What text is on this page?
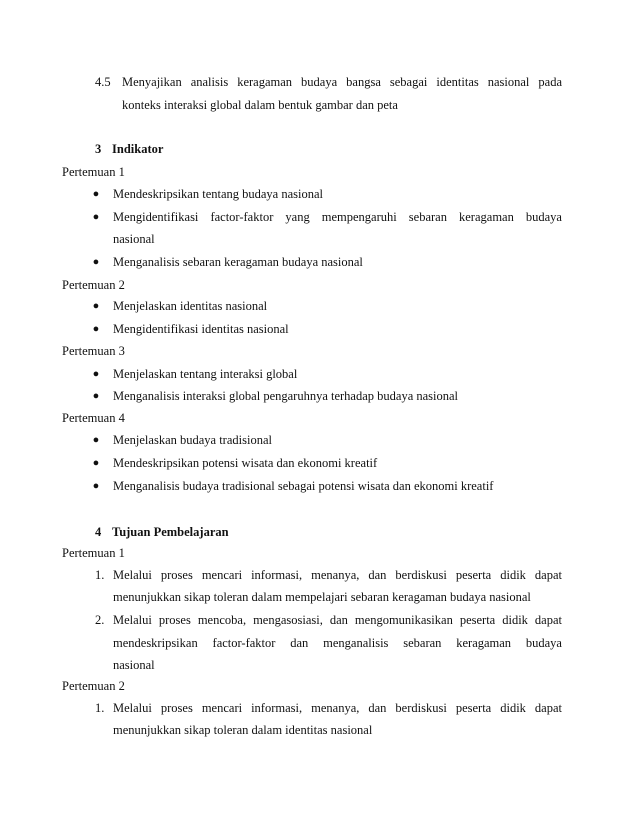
4.5 Menyajikan analisis keragaman budaya bangsa sebagai identitas nasional pada
konteks interaksi global dalam bentuk gambar dan peta
3 Indikator
Pertemuan 1
● Mendeskripsikan tentang budaya nasional
● Mengidentifikasi factor-faktor yang mempengaruhi sebaran keragaman budaya
nasional
● Menganalisis sebaran keragaman budaya nasional
Pertemuan 2
● Menjelaskan identitas nasional
● Mengidentifikasi identitas nasional
Pertemuan 3
● Menjelaskan tentang interaksi global
● Menganalisis interaksi global pengaruhnya terhadap budaya nasional
Pertemuan 4
● Menjelaskan budaya tradisional
● Mendeskripsikan potensi wisata dan ekonomi kreatif
● Menganalisis budaya tradisional sebagai potensi wisata dan ekonomi kreatif
4 Tujuan Pembelajaran
Pertemuan 1
1. Melalui proses mencari informasi, menanya, dan berdiskusi peserta didik dapat
menunjukkan sikap toleran dalam mempelajari sebaran keragaman budaya nasional
2. Melalui proses mencoba, mengasosiasi, dan mengomunikasikan peserta didik dapat
mendeskripsikan factor-faktor dan menganalisis sebaran keragaman budaya
nasional
Pertemuan 2
1. Melalui proses mencari informasi, menanya, dan berdiskusi peserta didik dapat
menunjukkan sikap toleran dalam identitas nasional
